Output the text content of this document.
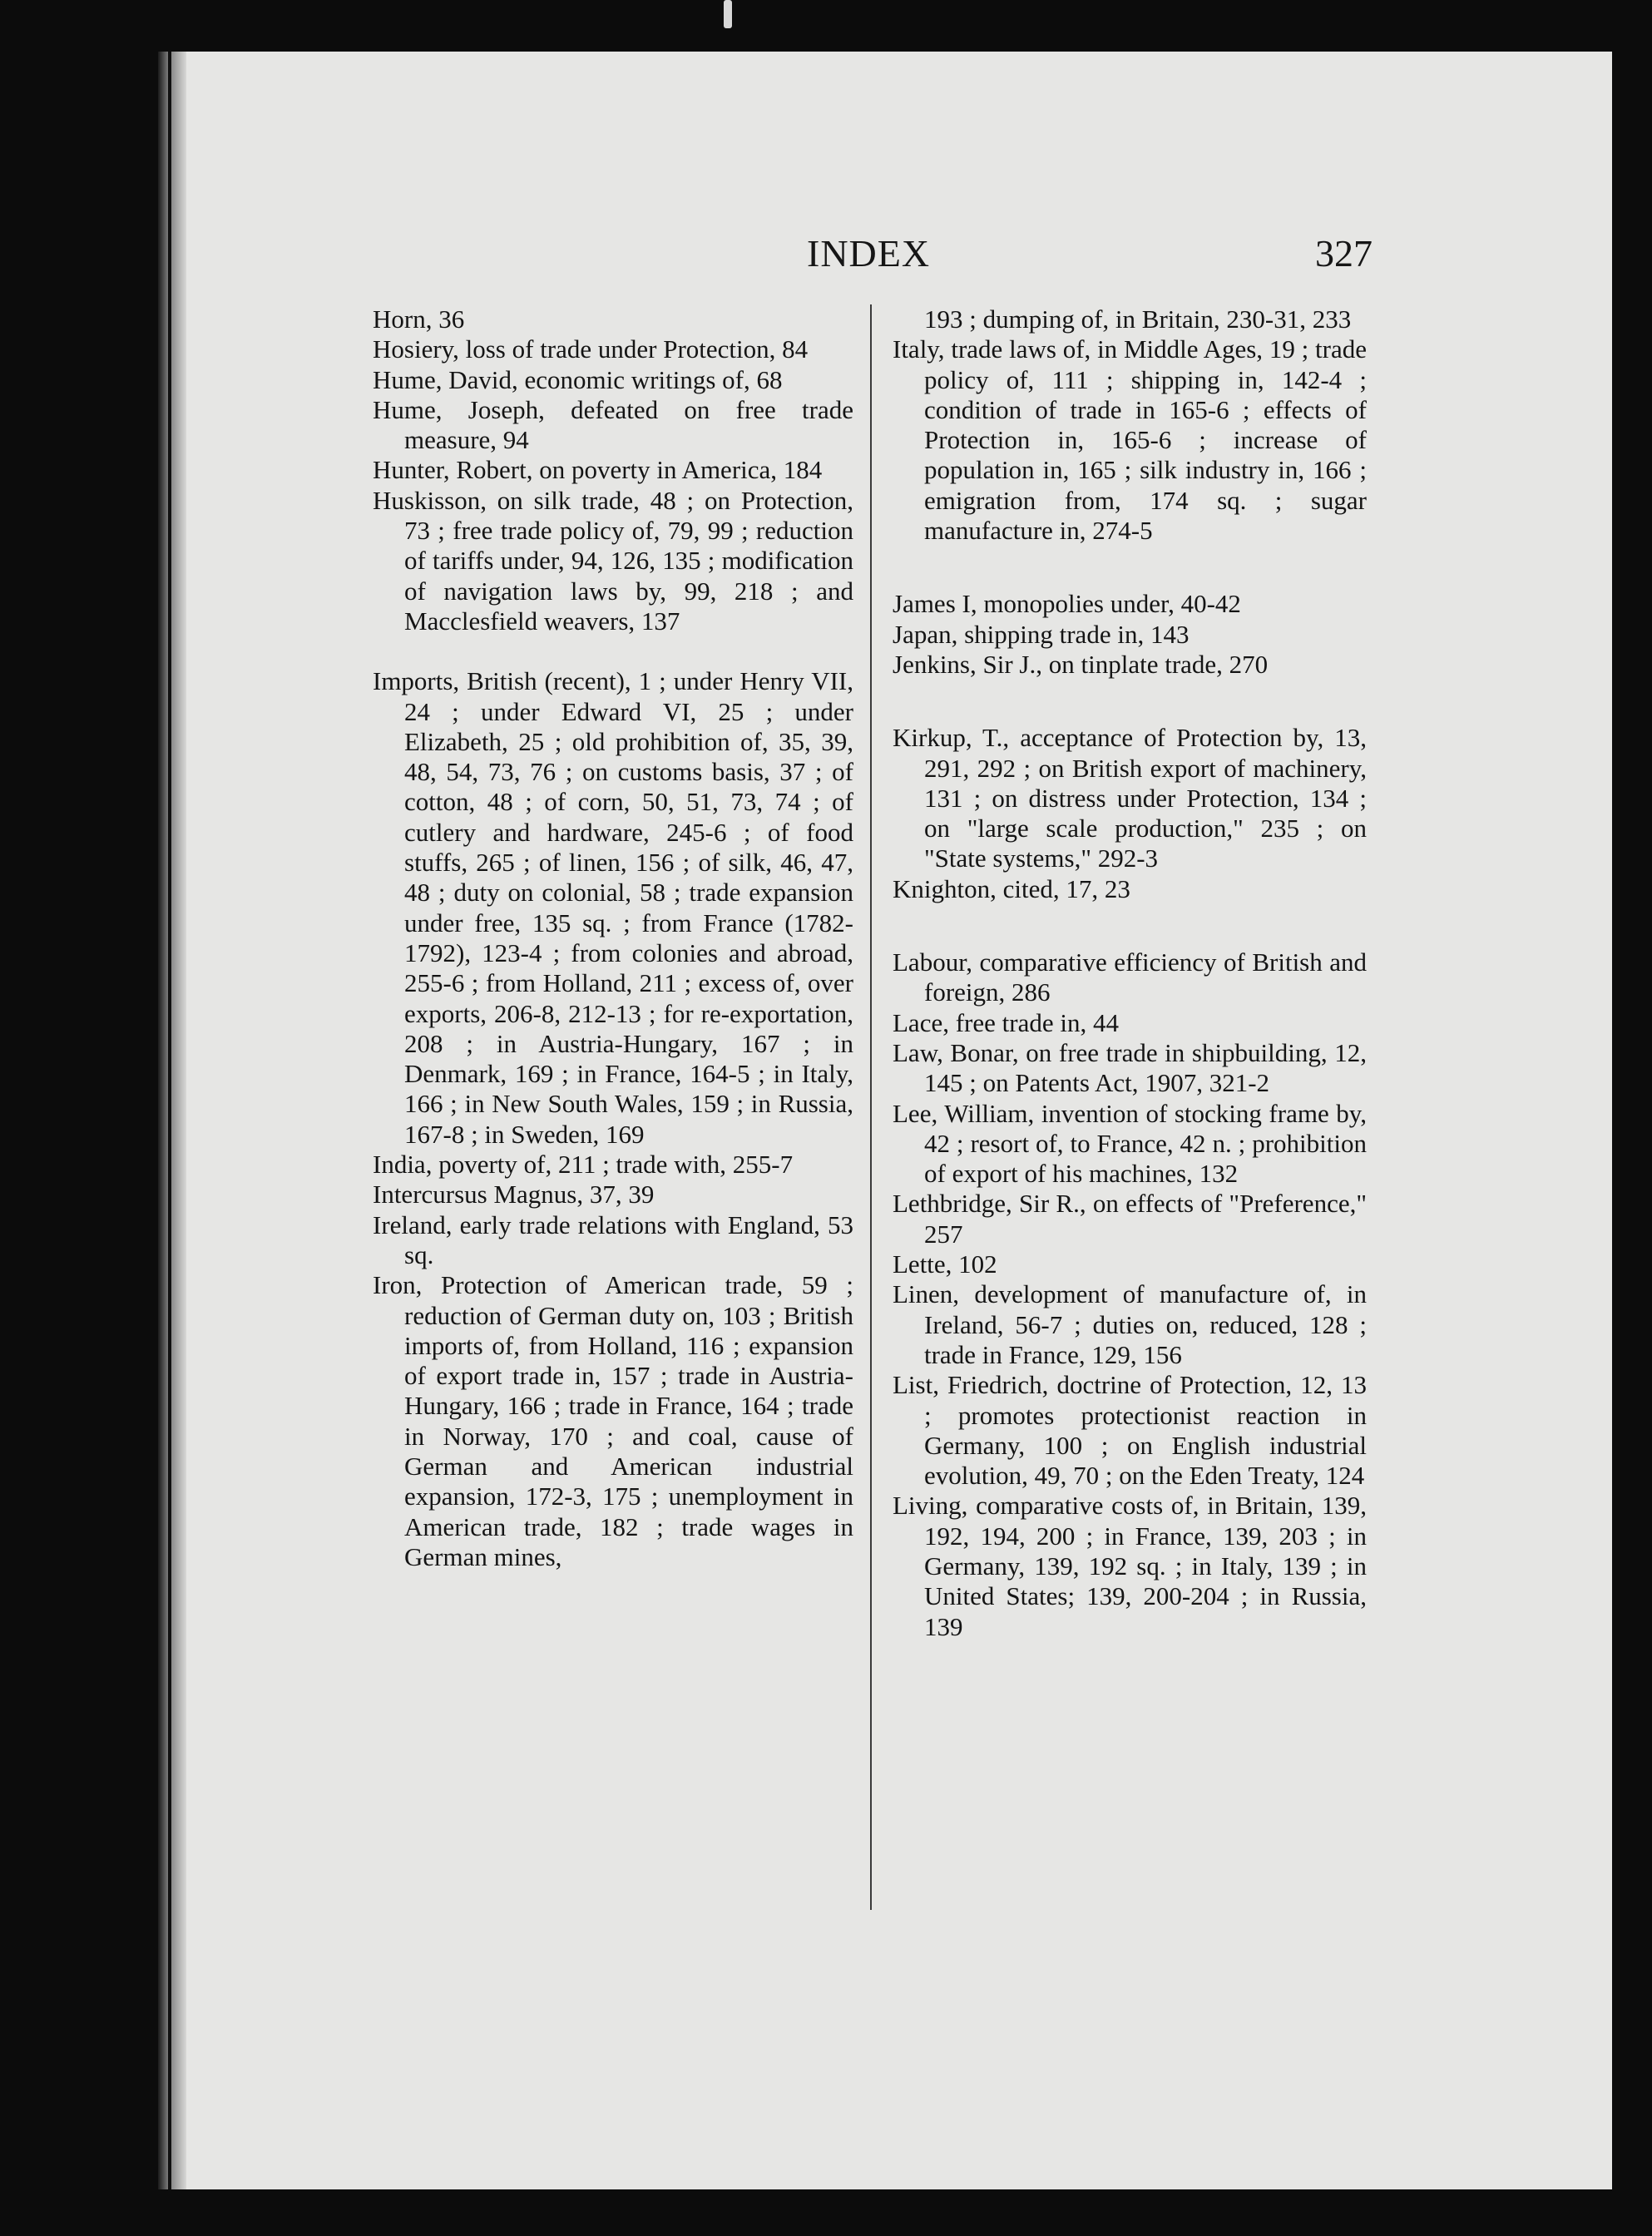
INDEX	327

Horn, 36

Hosiery, loss of trade under Protection, 84

Hume, David, economic writings of, 68

Hume, Joseph, defeated on free trade measure, 94

Hunter, Robert, on poverty in America, 184

Huskisson, on silk trade, 48 ; on Protection, 73 ; free trade policy of, 79, 99 ; reduction of tariffs under, 94, 126, 135 ; modification of navigation laws by, 99, 218 ; and Macclesfield weavers, 137

Imports, British (recent), 1 ; under Henry VII, 24 ; under Edward VI, 25 ; under Elizabeth, 25 ; old prohibition of, 35, 39, 48, 54, 73, 76 ; on customs basis, 37 ; of cotton, 48 ; of corn, 50, 51, 73, 74 ; of cutlery and hardware, 245-6 ; of food stuffs, 265 ; of linen, 156 ; of silk, 46, 47, 48 ; duty on colonial, 58 ; trade expansion under free, 135 sq. ; from France (1782-1792), 123-4 ; from colonies and abroad, 255-6 ; from Holland, 211 ; excess of, over exports, 206-8, 212-13 ; for re-exportation, 208 ; in Austria-Hungary, 167 ; in Denmark, 169 ; in France, 164-5 ; in Italy, 166 ; in New South Wales, 159 ; in Russia, 167-8 ; in Sweden, 169

India, poverty of, 211 ; trade with, 255-7

Intercursus Magnus, 37, 39

Ireland, early trade relations with England, 53 sq.

Iron, Protection of American trade, 59 ; reduction of German duty on, 103 ; British imports of, from Holland, 116 ; expansion of export trade in, 157 ; trade in Austria-Hungary, 166 ; trade in France, 164 ; trade in Norway, 170 ; and coal, cause of German and American industrial expansion, 172-3, 175 ; unemployment in American trade, 182 ; trade wages in German mines,

193 ; dumping of, in Britain, 230-31, 233

Italy, trade laws of, in Middle Ages, 19 ; trade policy of, 111 ; shipping in, 142-4 ; condition of trade in 165-6 ; effects of Protection in, 165-6 ; increase of population in, 165 ; silk industry in, 166 ; emigration from, 174 sq. ; sugar manufacture in, 274-5

James I, monopolies under, 40-42

Japan, shipping trade in, 143

Jenkins, Sir J., on tinplate trade, 270

Kirkup, T., acceptance of Protection by, 13, 291, 292 ; on British export of machinery, 131 ; on distress under Protection, 134 ; on "large scale production," 235 ; on "State systems," 292-3

Knighton, cited, 17, 23

Labour, comparative efficiency of British and foreign, 286

Lace, free trade in, 44

Law, Bonar, on free trade in shipbuilding, 12, 145 ; on Patents Act, 1907, 321-2

Lee, William, invention of stocking frame by, 42 ; resort of, to France, 42 n. ; prohibition of export of his machines, 132

Lethbridge, Sir R., on effects of "Preference," 257

Lette, 102

Linen, development of manufacture of, in Ireland, 56-7 ; duties on, reduced, 128 ; trade in France, 129, 156

List, Friedrich, doctrine of Protection, 12, 13 ; promotes protectionist reaction in Germany, 100 ; on English industrial evolution, 49, 70 ; on the Eden Treaty, 124

Living, comparative costs of, in Britain, 139, 192, 194, 200 ; in France, 139, 203 ; in Germany, 139, 192 sq. ; in Italy, 139 ; in United States; 139, 200-204 ; in Russia, 139
